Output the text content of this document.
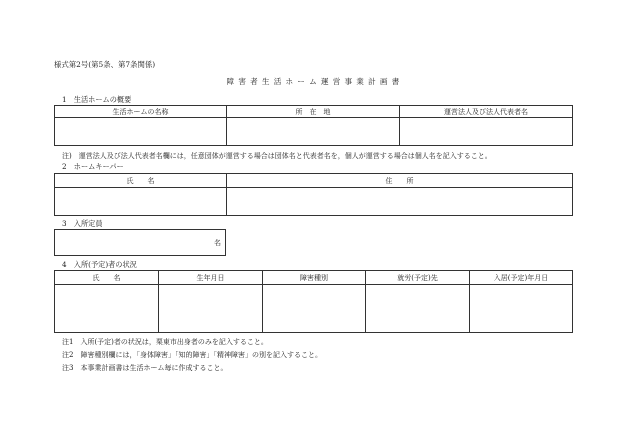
様式第2号(第5条、第7条関係)
障害者生活ホーム運営事業計画書
1　生活ホームの概要
生活ホームの名称	所　在　地	運営法人及び法人代表者名

注)　運営法人及び法人代表者名欄には，任意団体が運営する場合は団体名と代表者名を，個人が運営する場合は個人名を記入すること。
2　ホームキーパー
氏　　名	住　　所

3　入所定員
名
4　入所(予定)者の状況
氏　　名	生年月日	障害種別	就労(予定)先	入居(予定)年月日

注1　入所(予定)者の状況は，栗東市出身者のみを記入すること。
注2　障害種別欄には，「身体障害」「知的障害」「精神障害」の別を記入すること。
注3　本事業計画書は生活ホーム毎に作成すること。
